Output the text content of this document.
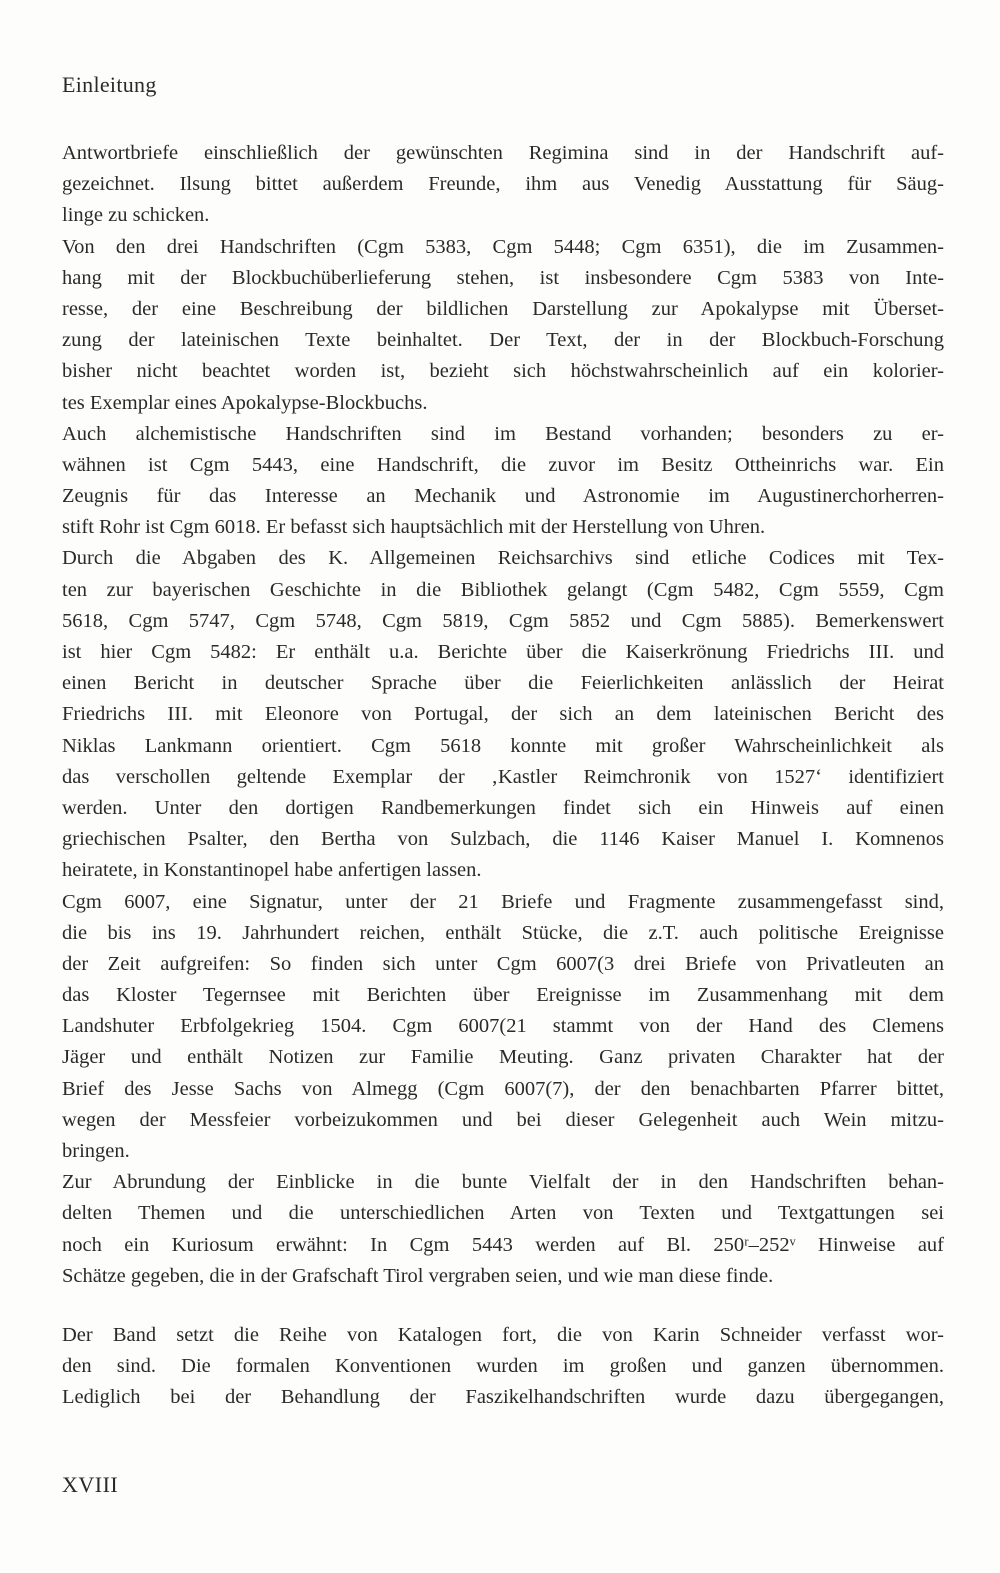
Einleitung
Antwortbriefe einschließlich der gewünschten Regimina sind in der Handschrift auf-
gezeichnet. Ilsung bittet außerdem Freunde, ihm aus Venedig Ausstattung für Säug-
linge zu schicken.
Von den drei Handschriften (Cgm 5383, Cgm 5448; Cgm 6351), die im Zusammen-
hang mit der Blockbuchüberlieferung stehen, ist insbesondere Cgm 5383 von Inte-
resse, der eine Beschreibung der bildlichen Darstellung zur Apokalypse mit Überset-
zung der lateinischen Texte beinhaltet. Der Text, der in der Blockbuch-Forschung
bisher nicht beachtet worden ist, bezieht sich höchstwahrscheinlich auf ein kolorier-
tes Exemplar eines Apokalypse-Blockbuchs.
Auch alchemistische Handschriften sind im Bestand vorhanden; besonders zu er-
wähnen ist Cgm 5443, eine Handschrift, die zuvor im Besitz Ottheinrichs war. Ein
Zeugnis für das Interesse an Mechanik und Astronomie im Augustinerchorherren-
stift Rohr ist Cgm 6018. Er befasst sich hauptsächlich mit der Herstellung von Uhren.
Durch die Abgaben des K. Allgemeinen Reichsarchivs sind etliche Codices mit Tex-
ten zur bayerischen Geschichte in die Bibliothek gelangt (Cgm 5482, Cgm 5559, Cgm
5618, Cgm 5747, Cgm 5748, Cgm 5819, Cgm 5852 und Cgm 5885). Bemerkenswert
ist hier Cgm 5482: Er enthält u.a. Berichte über die Kaiserkrönung Friedrichs III. und
einen Bericht in deutscher Sprache über die Feierlichkeiten anlässlich der Heirat
Friedrichs III. mit Eleonore von Portugal, der sich an dem lateinischen Bericht des
Niklas Lankmann orientiert. Cgm 5618 konnte mit großer Wahrscheinlichkeit als
das verschollen geltende Exemplar der ‚Kastler Reimchronik von 1527‘ identifiziert
werden. Unter den dortigen Randbemerkungen findet sich ein Hinweis auf einen
griechischen Psalter, den Bertha von Sulzbach, die 1146 Kaiser Manuel I. Komnenos
heiratete, in Konstantinopel habe anfertigen lassen.
Cgm 6007, eine Signatur, unter der 21 Briefe und Fragmente zusammengefasst sind,
die bis ins 19. Jahrhundert reichen, enthält Stücke, die z.T. auch politische Ereignisse
der Zeit aufgreifen: So finden sich unter Cgm 6007(3 drei Briefe von Privatleuten an
das Kloster Tegernsee mit Berichten über Ereignisse im Zusammenhang mit dem
Landshuter Erbfolgekrieg 1504. Cgm 6007(21 stammt von der Hand des Clemens
Jäger und enthält Notizen zur Familie Meuting. Ganz privaten Charakter hat der
Brief des Jesse Sachs von Almegg (Cgm 6007(7), der den benachbarten Pfarrer bittet,
wegen der Messfeier vorbeizukommen und bei dieser Gelegenheit auch Wein mitzu-
bringen.
Zur Abrundung der Einblicke in die bunte Vielfalt der in den Handschriften behan-
delten Themen und die unterschiedlichen Arten von Texten und Textgattungen sei
noch ein Kuriosum erwähnt: In Cgm 5443 werden auf Bl. 250ʳ–252ᵛ Hinweise auf
Schätze gegeben, die in der Grafschaft Tirol vergraben seien, und wie man diese finde.
Der Band setzt die Reihe von Katalogen fort, die von Karin Schneider verfasst wor-
den sind. Die formalen Konventionen wurden im großen und ganzen übernommen.
Lediglich bei der Behandlung der Faszikelhandschriften wurde dazu übergegangen,
XVIII
